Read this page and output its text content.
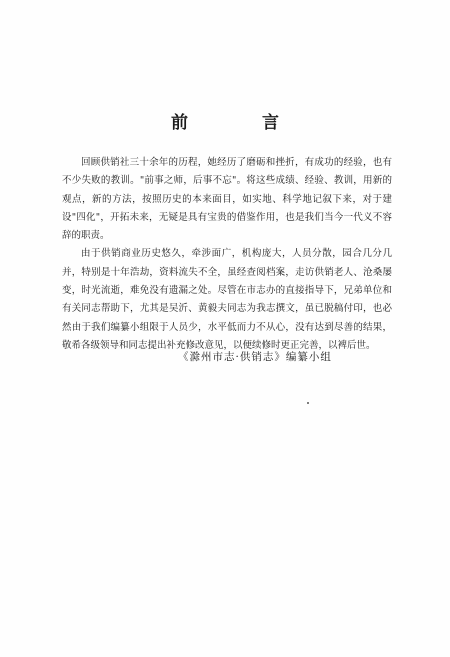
前 言

回顾供销社三十余年的历程，她经历了磨砺和挫折，有成功的经验，也有不少失败的教训。"前事之师，后事不忘"。将这些成绩、经验、教训，用新的观点，新的方法，按照历史的本来面目，如实地、科学地记叙下来，对于建设"四化"，开拓未来，无疑是具有宝贵的借鉴作用，也是我们当今一代义不容辞的职责。

由于供销商业历史悠久，牵涉面广，机构庞大，人员分散，园合几分几并，特别是十年浩劫，资料流失不全，虽经查阅档案，走访供销老人、沧桑屡变，时光流逝，难免没有遗漏之处。尽管在市志办的直接指导下，兄弟单位和有关同志帮助下，尤其是吴沂、黄毅夫同志为我志撰文，虽已脱稿付印，也必然由于我们编纂小组限于人员少，水平低而力不从心，没有达到尽善的结果，敬希各级领导和同志提出补充修改意见，以便续修时更正完善，以裨后世。

《滁州市志·供销志》编纂小组
